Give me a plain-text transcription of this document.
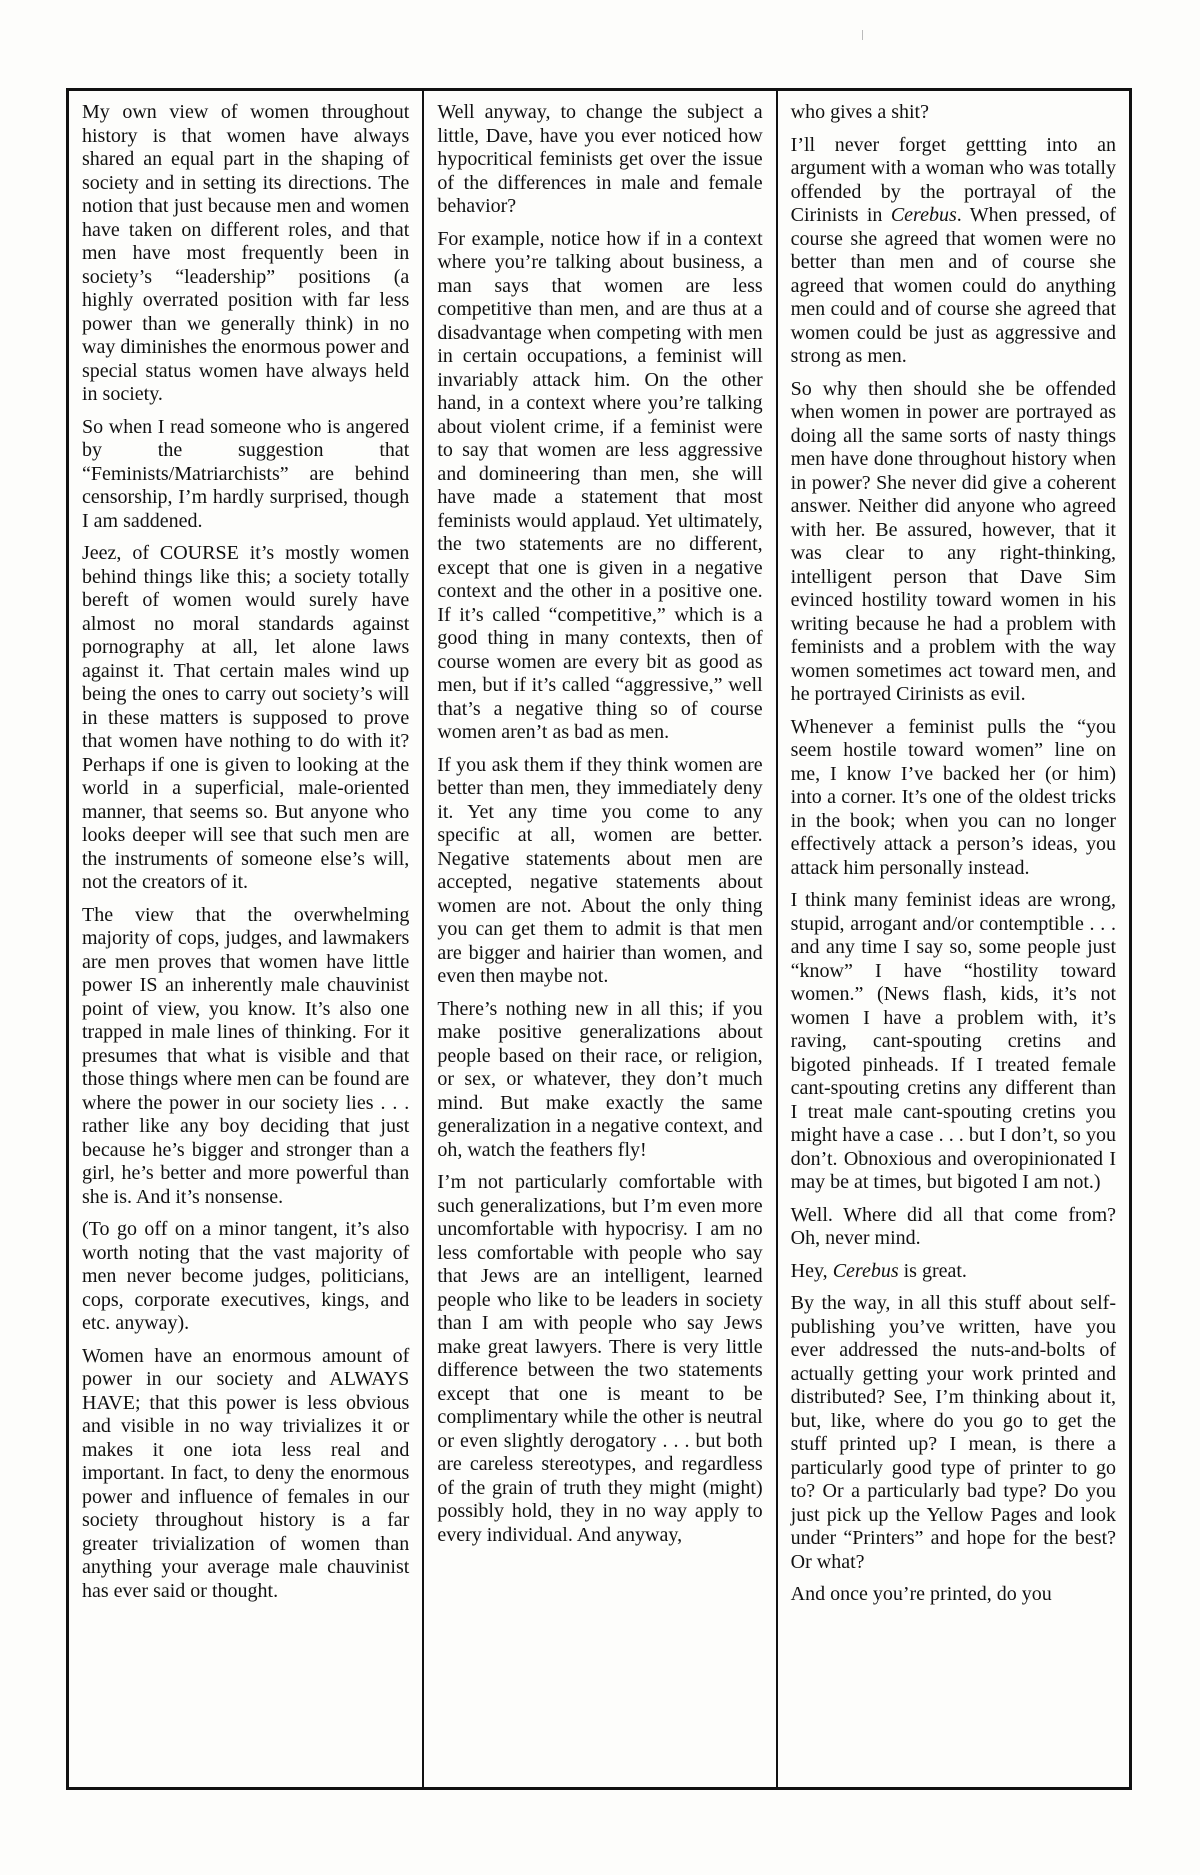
My own view of women throughout history is that women have always shared an equal part in the shaping of society and in setting its directions. The notion that just because men and women have taken on different roles, and that men have most frequently been in society’s “leadership” positions (a highly overrated position with far less power than we generally think) in no way diminishes the enormous power and special status women have always held in society.

So when I read someone who is angered by the suggestion that “Feminists/Matriarchists” are behind censorship, I’m hardly surprised, though I am saddened.

Jeez, of COURSE it’s mostly women behind things like this; a society totally bereft of women would surely have almost no moral standards against pornography at all, let alone laws against it. That certain males wind up being the ones to carry out society’s will in these matters is supposed to prove that women have nothing to do with it? Perhaps if one is given to looking at the world in a superficial, male-oriented manner, that seems so. But anyone who looks deeper will see that such men are the instruments of someone else’s will, not the creators of it.

The view that the overwhelming majority of cops, judges, and lawmakers are men proves that women have little power IS an inherently male chauvinist point of view, you know. It’s also one trapped in male lines of thinking. For it presumes that what is visible and that those things where men can be found are where the power in our society lies . . . rather like any boy deciding that just because he’s bigger and stronger than a girl, he’s better and more powerful than she is. And it’s nonsense.

(To go off on a minor tangent, it’s also worth noting that the vast majority of men never become judges, politicians, cops, corporate executives, kings, and etc. anyway).

Women have an enormous amount of power in our society and ALWAYS HAVE; that this power is less obvious and visible in no way trivializes it or makes it one iota less real and important. In fact, to deny the enormous power and influence of females in our society throughout history is a far greater trivialization of women than anything your average male chauvinist has ever said or thought.

Well anyway, to change the subject a little, Dave, have you ever noticed how hypocritical feminists get over the issue of the differences in male and female behavior?

For example, notice how if in a context where you’re talking about business, a man says that women are less competitive than men, and are thus at a disadvantage when competing with men in certain occupations, a feminist will invariably attack him. On the other hand, in a context where you’re talking about violent crime, if a feminist were to say that women are less aggressive and domineering than men, she will have made a statement that most feminists would applaud. Yet ultimately, the two statements are no different, except that one is given in a negative context and the other in a positive one. If it’s called “competitive,” which is a good thing in many contexts, then of course women are every bit as good as men, but if it’s called “aggressive,” well that’s a negative thing so of course women aren’t as bad as men.

If you ask them if they think women are better than men, they immediately deny it. Yet any time you come to any specific at all, women are better. Negative statements about men are accepted, negative statements about women are not. About the only thing you can get them to admit is that men are bigger and hairier than women, and even then maybe not.

There’s nothing new in all this; if you make positive generalizations about people based on their race, or religion, or sex, or whatever, they don’t much mind. But make exactly the same generalization in a negative context, and oh, watch the feathers fly!

I’m not particularly comfortable with such generalizations, but I’m even more uncomfortable with hypocrisy. I am no less comfortable with people who say that Jews are an intelligent, learned people who like to be leaders in society than I am with people who say Jews make great lawyers. There is very little difference between the two statements except that one is meant to be complimentary while the other is neutral or even slightly derogatory . . . but both are careless stereotypes, and regardless of the grain of truth they might (might) possibly hold, they in no way apply to every individual. And anyway,

who gives a shit?

I’ll never forget gettting into an argument with a woman who was totally offended by the portrayal of the Cirinists in Cerebus. When pressed, of course she agreed that women were no better than men and of course she agreed that women could do anything men could and of course she agreed that women could be just as aggressive and strong as men.

So why then should she be offended when women in power are portrayed as doing all the same sorts of nasty things men have done throughout history when in power? She never did give a coherent answer. Neither did anyone who agreed with her. Be assured, however, that it was clear to any right-thinking, intelligent person that Dave Sim evinced hostility toward women in his writing because he had a problem with feminists and a problem with the way women sometimes act toward men, and he portrayed Cirinists as evil.

Whenever a feminist pulls the “you seem hostile toward women” line on me, I know I’ve backed her (or him) into a corner. It’s one of the oldest tricks in the book; when you can no longer effectively attack a person’s ideas, you attack him personally instead.

I think many feminist ideas are wrong, stupid, arrogant and/or contemptible . . . and any time I say so, some people just “know” I have “hostility toward women.” (News flash, kids, it’s not women I have a problem with, it’s raving, cant-spouting cretins and bigoted pinheads. If I treated female cant-spouting cretins any different than I treat male cant-spouting cretins you might have a case . . . but I don’t, so you don’t. Obnoxious and overopinionated I may be at times, but bigoted I am not.)

Well. Where did all that come from? Oh, never mind.

Hey, Cerebus is great.

By the way, in all this stuff about self-publishing you’ve written, have you ever addressed the nuts-and-bolts of actually getting your work printed and distributed? See, I’m thinking about it, but, like, where do you go to get the stuff printed up? I mean, is there a particularly good type of printer to go to? Or a particularly bad type? Do you just pick up the Yellow Pages and look under “Printers” and hope for the best? Or what?

And once you’re printed, do you
